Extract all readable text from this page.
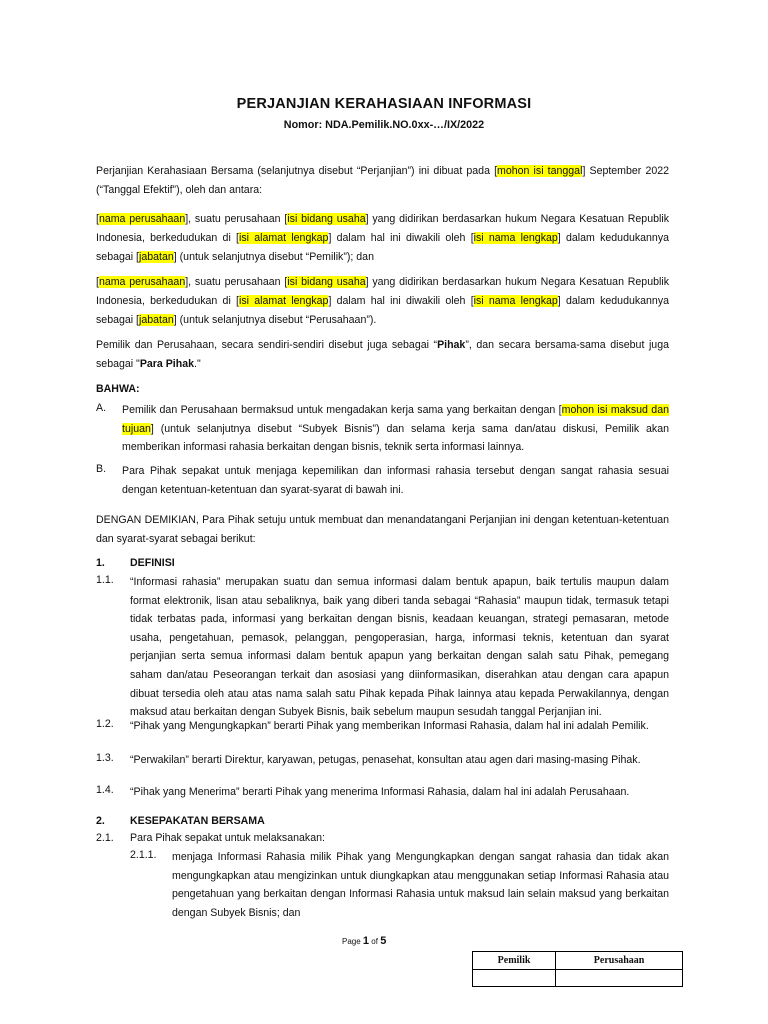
PERJANJIAN KERAHASIAAN INFORMASI
Nomor: NDA.Pemilik.NO.0xx-…/IX/2022
Perjanjian Kerahasiaan Bersama (selanjutnya disebut “Perjanjian”) ini dibuat pada [mohon isi tanggal] September 2022 (“Tanggal Efektif”), oleh dan antara:
[nama perusahaan], suatu perusahaan [isi bidang usaha] yang didirikan berdasarkan hukum Negara Kesatuan Republik Indonesia, berkedudukan di [isi alamat lengkap] dalam hal ini diwakili oleh [isi nama lengkap] dalam kedudukannya sebagai [jabatan] (untuk selanjutnya disebut “Pemilik”); dan
[nama perusahaan], suatu perusahaan [isi bidang usaha] yang didirikan berdasarkan hukum Negara Kesatuan Republik Indonesia, berkedudukan di [isi alamat lengkap] dalam hal ini diwakili oleh [isi nama lengkap] dalam kedudukannya sebagai [jabatan] (untuk selanjutnya disebut “Perusahaan”).
Pemilik dan Perusahaan, secara sendiri-sendiri disebut juga sebagai “Pihak”, dan secara bersama-sama disebut juga sebagai "Para Pihak."
BAHWA:
A. Pemilik dan Perusahaan bermaksud untuk mengadakan kerja sama yang berkaitan dengan [mohon isi maksud dan tujuan] (untuk selanjutnya disebut “Subyek Bisnis”) dan selama kerja sama dan/atau diskusi, Pemilik akan memberikan informasi rahasia berkaitan dengan bisnis, teknik serta informasi lainnya.
B. Para Pihak sepakat untuk menjaga kepemilikan dan informasi rahasia tersebut dengan sangat rahasia sesuai dengan ketentuan-ketentuan dan syarat-syarat di bawah ini.
DENGAN DEMIKIAN, Para Pihak setuju untuk membuat dan menandatangani Perjanjian ini dengan ketentuan-ketentuan dan syarat-syarat sebagai berikut:
1. DEFINISI
1.1. “Informasi rahasia” merupakan suatu dan semua informasi dalam bentuk apapun, baik tertulis maupun dalam format elektronik, lisan atau sebaliknya, baik yang diberi tanda sebagai “Rahasia” maupun tidak, termasuk tetapi tidak terbatas pada, informasi yang berkaitan dengan bisnis, keadaan keuangan, strategi pemasaran, metode usaha, pengetahuan, pemasok, pelanggan, pengoperasian, harga, informasi teknis, ketentuan dan syarat perjanjian serta semua informasi dalam bentuk apapun yang berkaitan dengan salah satu Pihak, pemegang saham dan/atau Peseorangan terkait dan asosiasi yang diinformasikan, diserahkan atau dengan cara apapun dibuat tersedia oleh atau atas nama salah satu Pihak kepada Pihak lainnya atau kepada Perwakilannya, dengan maksud atau berkaitan dengan Subyek Bisnis, baik sebelum maupun sesudah tanggal Perjanjian ini.
1.2. “Pihak yang Mengungkapkan” berarti Pihak yang memberikan Informasi Rahasia, dalam hal ini adalah Pemilik.
1.3. “Perwakilan” berarti Direktur, karyawan, petugas, penasehat, konsultan atau agen dari masing-masing Pihak.
1.4. “Pihak yang Menerima” berarti Pihak yang menerima Informasi Rahasia, dalam hal ini adalah Perusahaan.
2. KESEPAKATAN BERSAMA
2.1. Para Pihak sepakat untuk melaksanakan:
2.1.1. menjaga Informasi Rahasia milik Pihak yang Mengungkapkan dengan sangat rahasia dan tidak akan mengungkapkan atau mengizinkan untuk diungkapkan atau menggunakan setiap Informasi Rahasia atau pengetahuan yang berkaitan dengan Informasi Rahasia untuk maksud lain selain maksud yang berkaitan dengan Subyek Bisnis; dan
Page 1 of 5
Pemilik	Perusahaan
